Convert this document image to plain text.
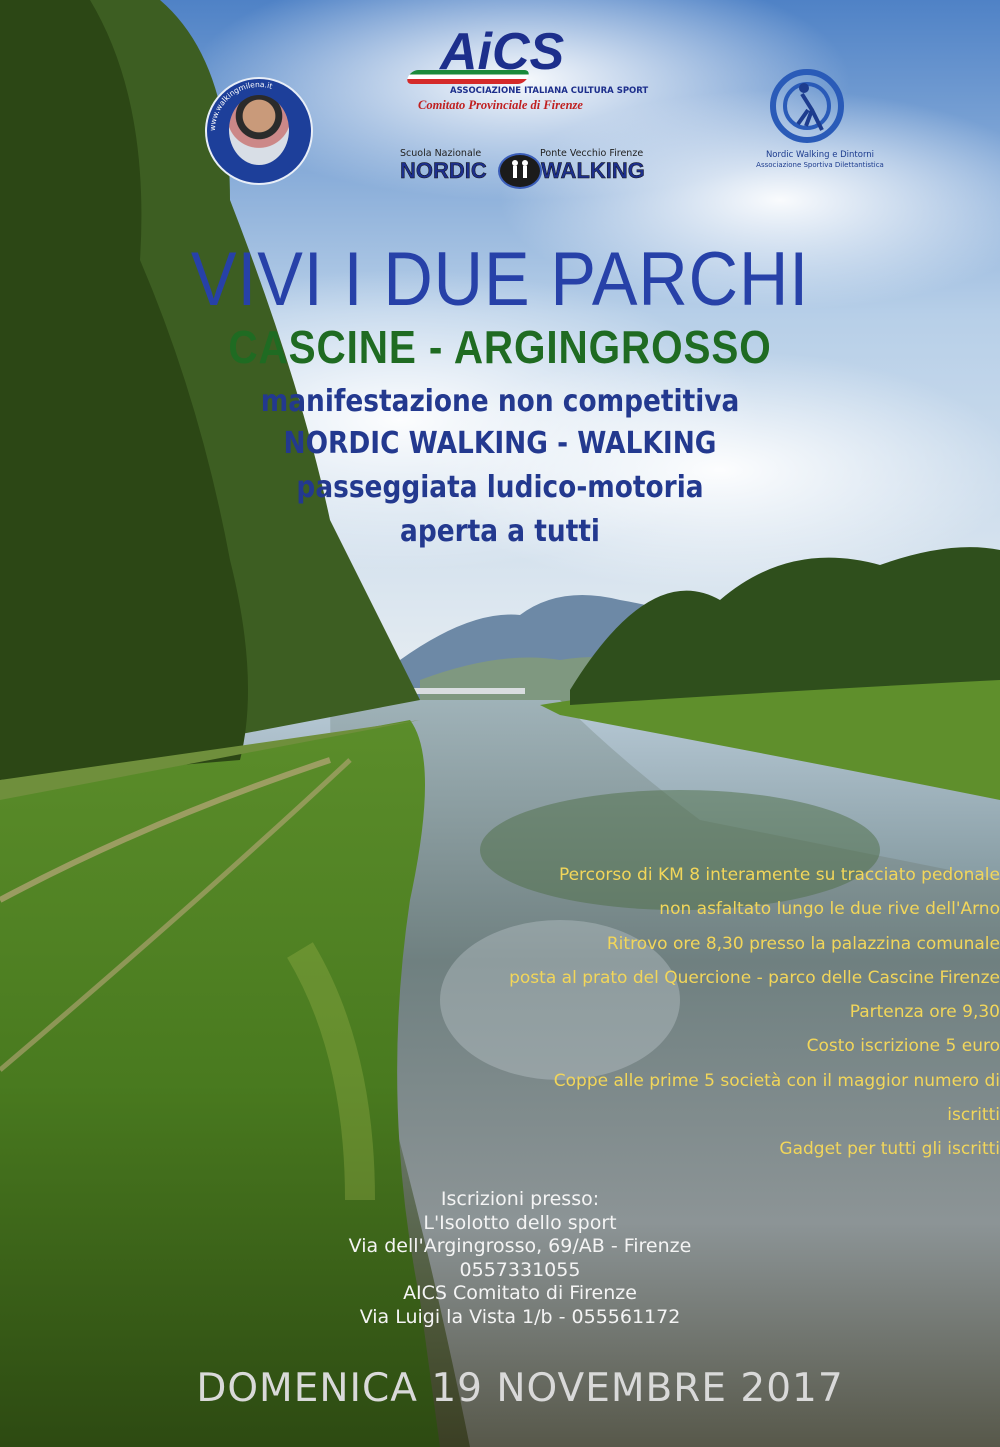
AiCS
ASSOCIAZIONE ITALIANA CULTURA SPORT
Comitato Provinciale di Firenze
www.walkingmilena.it
Scuola Nazionale	Ponte Vecchio Firenze
NORDIC WALKING
Nordic Walking e Dintorni
Associazione Sportiva Dilettantistica
VIVI I DUE PARCHI
CASCINE - ARGINGROSSO
manifestazione non competitiva
NORDIC WALKING - WALKING
passeggiata ludico-motoria
aperta a tutti
Percorso di KM 8 interamente su tracciato pedonale
non asfaltato lungo le due rive dell'Arno
Ritrovo ore 8,30 presso la palazzina comunale
posta al prato del Quercione - parco delle Cascine Firenze
Partenza ore 9,30
Costo iscrizione 5 euro
Coppe alle prime 5 società con il maggior numero di
iscritti
Gadget per tutti gli iscritti
Iscrizioni presso:
L'Isolotto dello sport
Via dell'Argingrosso, 69/AB - Firenze
0557331055
AICS Comitato di Firenze
Via Luigi la Vista 1/b - 055561172
DOMENICA 19 NOVEMBRE 2017
